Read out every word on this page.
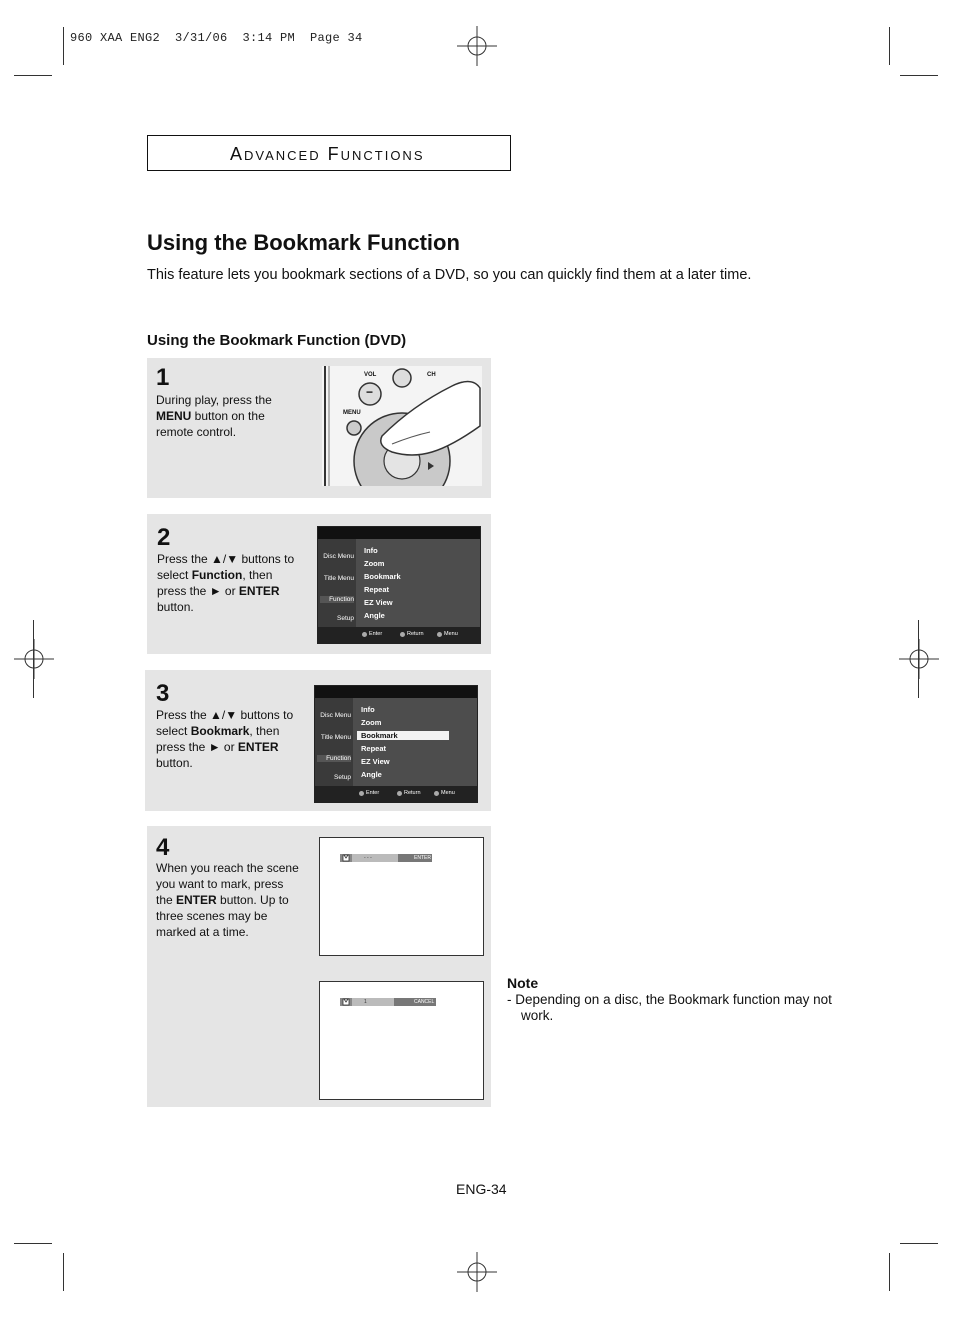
960 XAA ENG2  3/31/06  3:14 PM  Page 34
Advanced Functions
Using the Bookmark Function
This feature lets you bookmark sections of a DVD, so you can quickly find them at a later time.
Using the Bookmark Function (DVD)
1
During play, press the MENU button on the remote control.
VOL	CH
−
MENU
2
Press the ▲/▼ buttons to select Function, then press the ► or ENTER button.
Disc Menu
Title Menu
Function
Setup
Info
Zoom
Bookmark
Repeat
EZ View
Angle
Enter	Return	Menu
3
Press the ▲/▼ buttons to select Bookmark, then press the ► or ENTER button.
Disc Menu
Title Menu
Function
Setup
Info
Zoom
Bookmark
Repeat
EZ View
Angle
Enter	Return	Menu
4
When you reach the scene you want to mark, press the ENTER button. Up to three scenes may be marked at a time.
- - -	ENTER
1	CANCEL
Note
- Depending on a disc, the Bookmark function may not work.
ENG-34
